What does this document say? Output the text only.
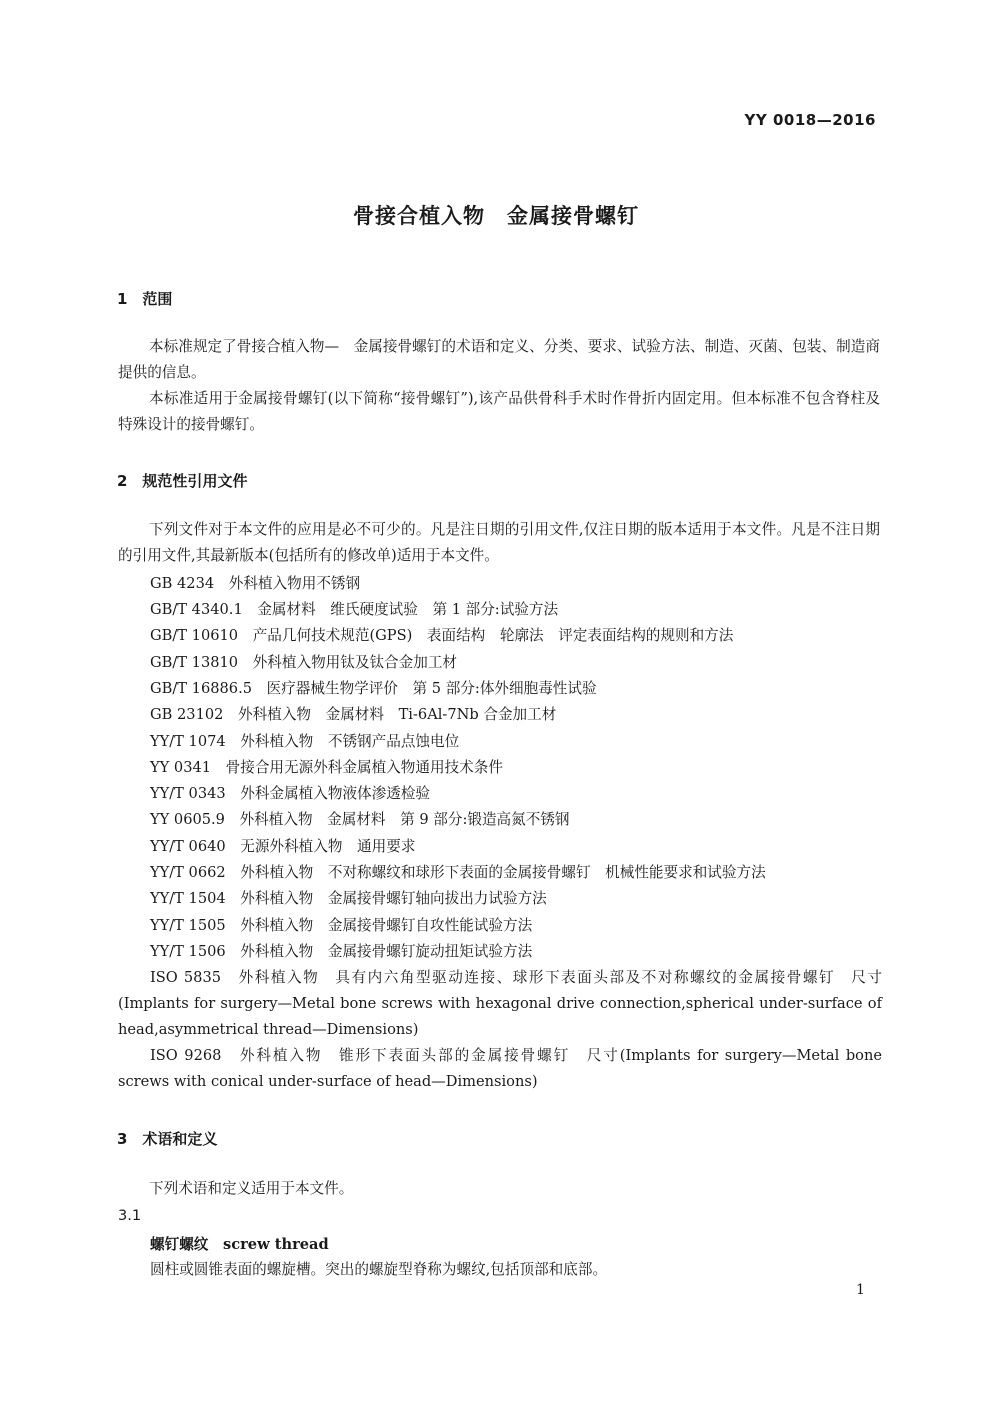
YY 0018—2016
骨接合植入物　金属接骨螺钉
1　范围
本标准规定了骨接合植入物—　金属接骨螺钉的术语和定义、分类、要求、试验方法、制造、灭菌、包装、制造商提供的信息。
本标准适用于金属接骨螺钉(以下简称“接骨螺钉”),该产品供骨科手术时作骨折内固定用。但本标准不包含脊柱及特殊设计的接骨螺钉。
2　规范性引用文件
下列文件对于本文件的应用是必不可少的。凡是注日期的引用文件,仅注日期的版本适用于本文件。凡是不注日期的引用文件,其最新版本(包括所有的修改单)适用于本文件。
GB 4234　外科植入物用不锈钢
GB/T 4340.1　金属材料　维氏硬度试验　第 1 部分:试验方法
GB/T 10610　产品几何技术规范(GPS)　表面结构　轮廓法　评定表面结构的规则和方法
GB/T 13810　外科植入物用钛及钛合金加工材
GB/T 16886.5　医疗器械生物学评价　第 5 部分:体外细胞毒性试验
GB 23102　外科植入物　金属材料　Ti-6Al-7Nb 合金加工材
YY/T 1074　外科植入物　不锈钢产品点蚀电位
YY 0341　骨接合用无源外科金属植入物通用技术条件
YY/T 0343　外科金属植入物液体渗透检验
YY 0605.9　外科植入物　金属材料　第 9 部分:锻造高氮不锈钢
YY/T 0640　无源外科植入物　通用要求
YY/T 0662　外科植入物　不对称螺纹和球形下表面的金属接骨螺钉　机械性能要求和试验方法
YY/T 1504　外科植入物　金属接骨螺钉轴向拔出力试验方法
YY/T 1505　外科植入物　金属接骨螺钉自攻性能试验方法
YY/T 1506　外科植入物　金属接骨螺钉旋动扭矩试验方法
ISO 5835　外科植入物　具有内六角型驱动连接、球形下表面头部及不对称螺纹的金属接骨螺钉　尺寸(Implants for surgery—Metal bone screws with hexagonal drive connection,spherical under-surface of head,asymmetrical thread—Dimensions)
ISO 9268　外科植入物　锥形下表面头部的金属接骨螺钉　尺寸(Implants for surgery—Metal bone screws with conical under-surface of head—Dimensions)
3　术语和定义
下列术语和定义适用于本文件。
3.1
螺钉螺纹　 screw thread
圆柱或圆锥表面的螺旋槽。突出的螺旋型脊称为螺纹,包括顶部和底部。
1
